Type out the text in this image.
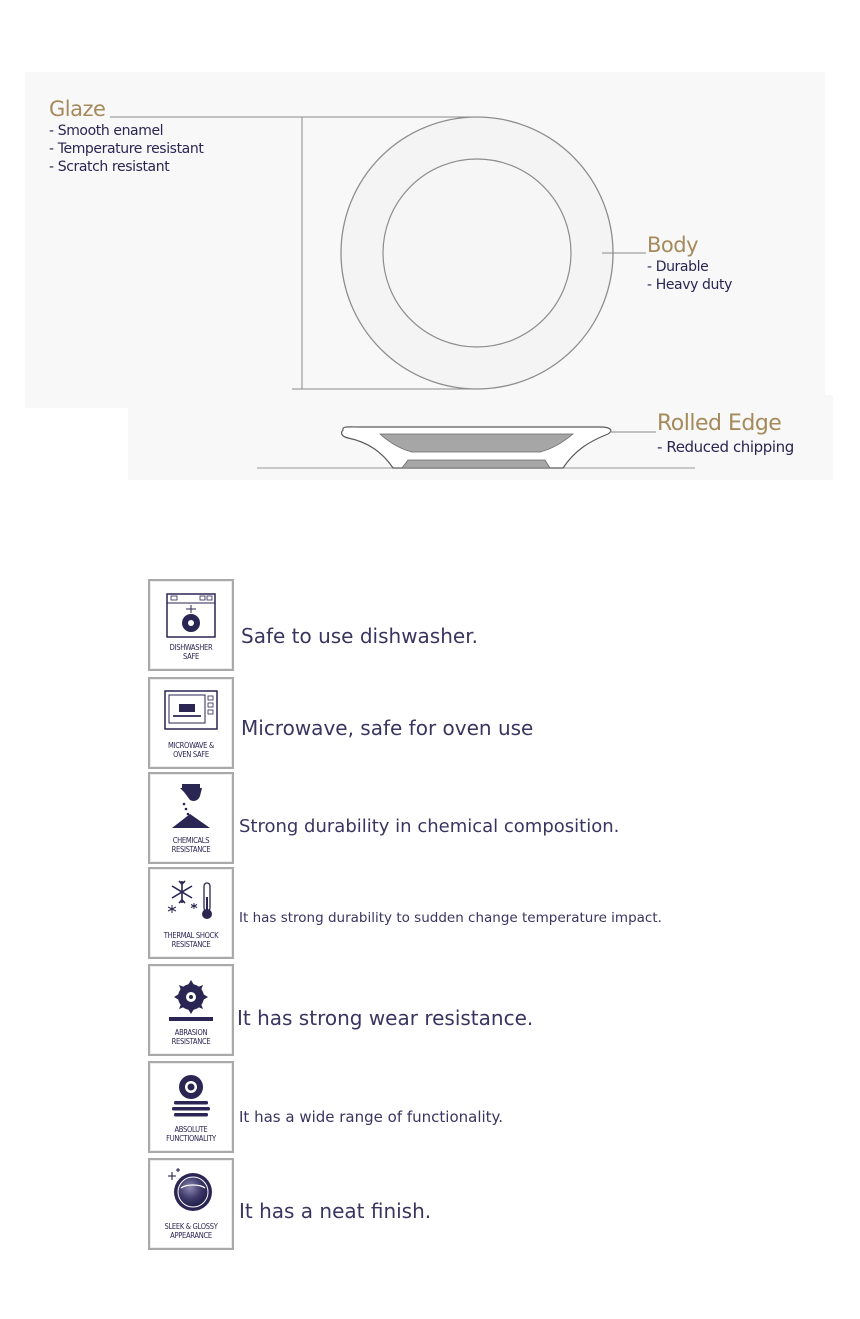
Glaze
- Smooth enamel
- Temperature resistant
- Scratch resistant
Body
- Durable
- Heavy duty
Rolled Edge
- Reduced chipping
DISHWASHER
SAFE
Safe to use dishwasher.
MICROWAVE &
OVEN SAFE
Microwave, safe for oven use
CHEMICALS
RESISTANCE
Strong durability in chemical composition.
THERMAL SHOCK
RESISTANCE
It has strong durability to sudden change temperature impact.
ABRASION
RESISTANCE
It has strong wear resistance.
ABSOLUTE
FUNCTIONALITY
It has a wide range of functionality.
SLEEK & GLOSSY
APPEARANCE
It has a neat finish.
